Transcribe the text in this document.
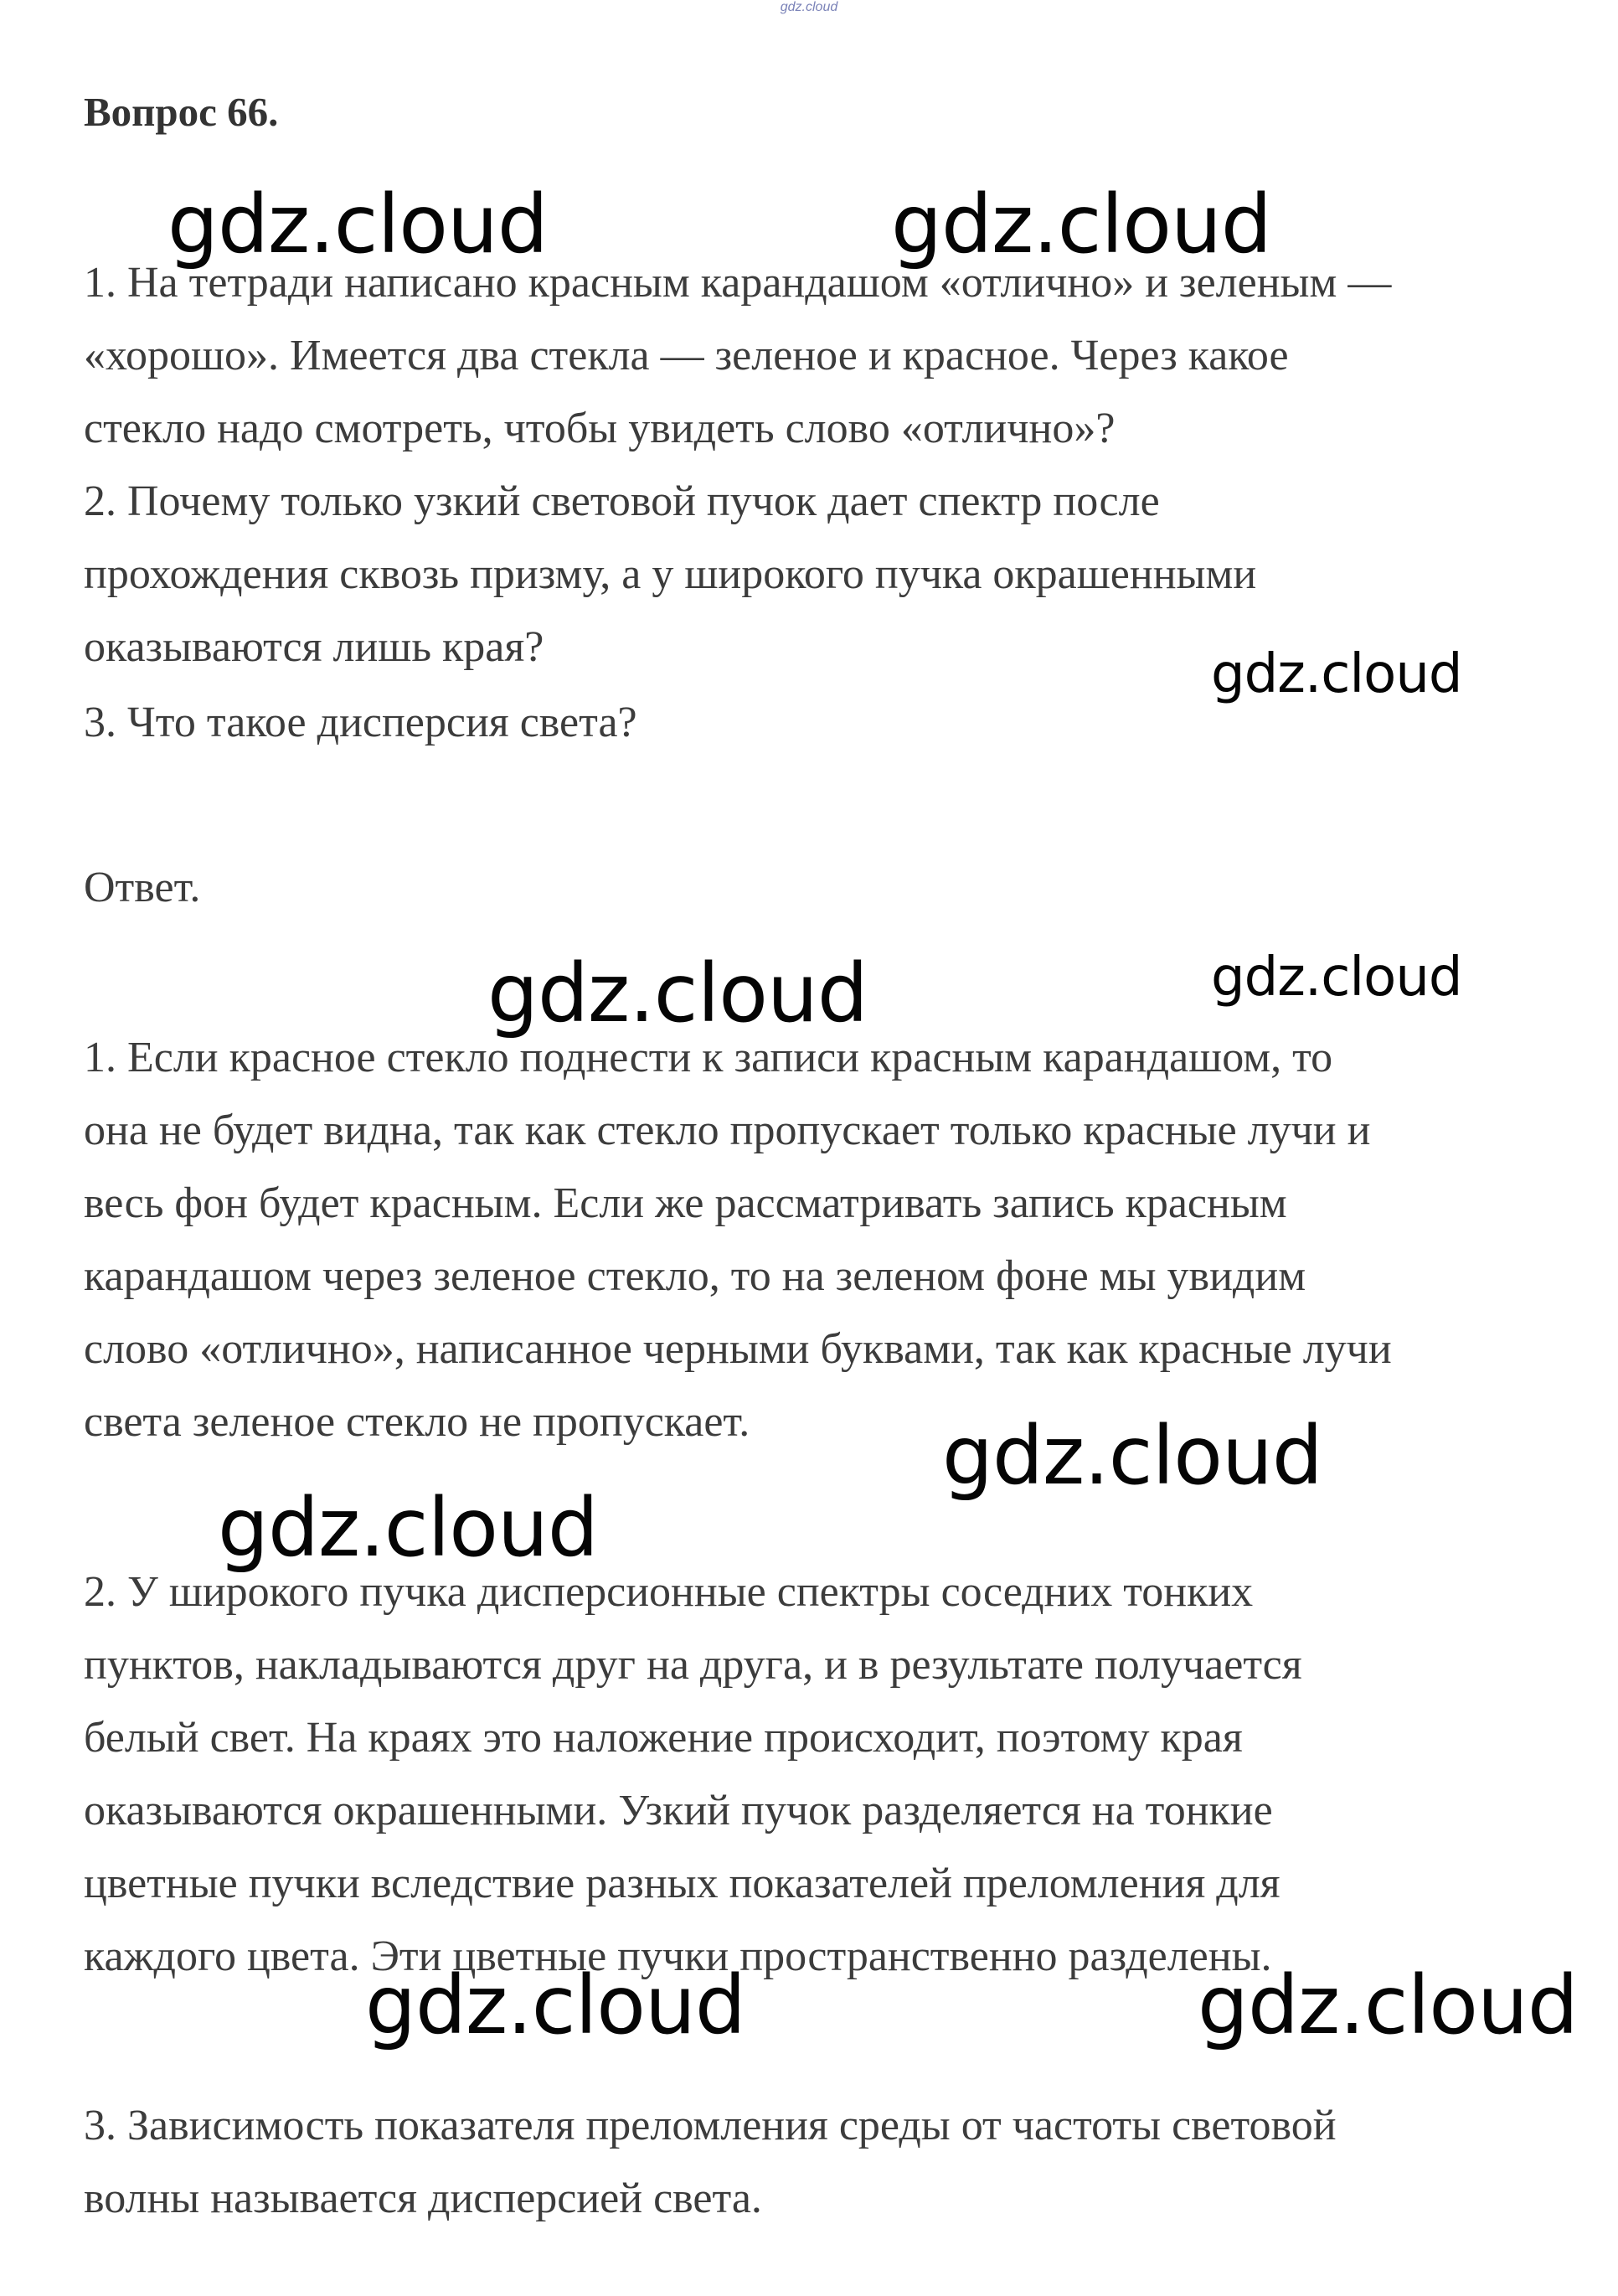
gdz.cloud
Вопрос 66.

1. На тетради написано красным карандашом «отлично» и зеленым —

«хорошо». Имеется два стекла — зеленое и красное. Через какое

стекло надо смотреть, чтобы увидеть слово «отлично»?

2. Почему только узкий световой пучок дает спектр после

прохождения сквозь призму, а у широкого пучка окрашенными

оказываются лишь края?

3. Что такое дисперсия света?

Ответ.

1. Если красное стекло поднести к записи красным карандашом, то

она не будет видна, так как стекло пропускает только красные лучи и

весь фон будет красным. Если же рассматривать запись красным

карандашом через зеленое стекло, то на зеленом фоне мы увидим

слово «отлично», написанное черными буквами, так как красные лучи

света зеленое стекло не пропускает.

2. У широкого пучка дисперсионные спектры соседних тонких

пунктов, накладываются друг на друга, и в результате получается

белый свет. На краях это наложение происходит, поэтому края

оказываются окрашенными. Узкий пучок разделяется на тонкие

цветные пучки вследствие разных показателей преломления для

каждого цвета. Эти цветные пучки пространственно разделены.

3. Зависимость показателя преломления среды от частоты световой

волны называется дисперсией света.

gdz.cloud	gdz.cloud
gdz.cloud
gdz.cloud	gdz.cloud
gdz.cloud
gdz.cloud
gdz.cloud	gdz.cloud
